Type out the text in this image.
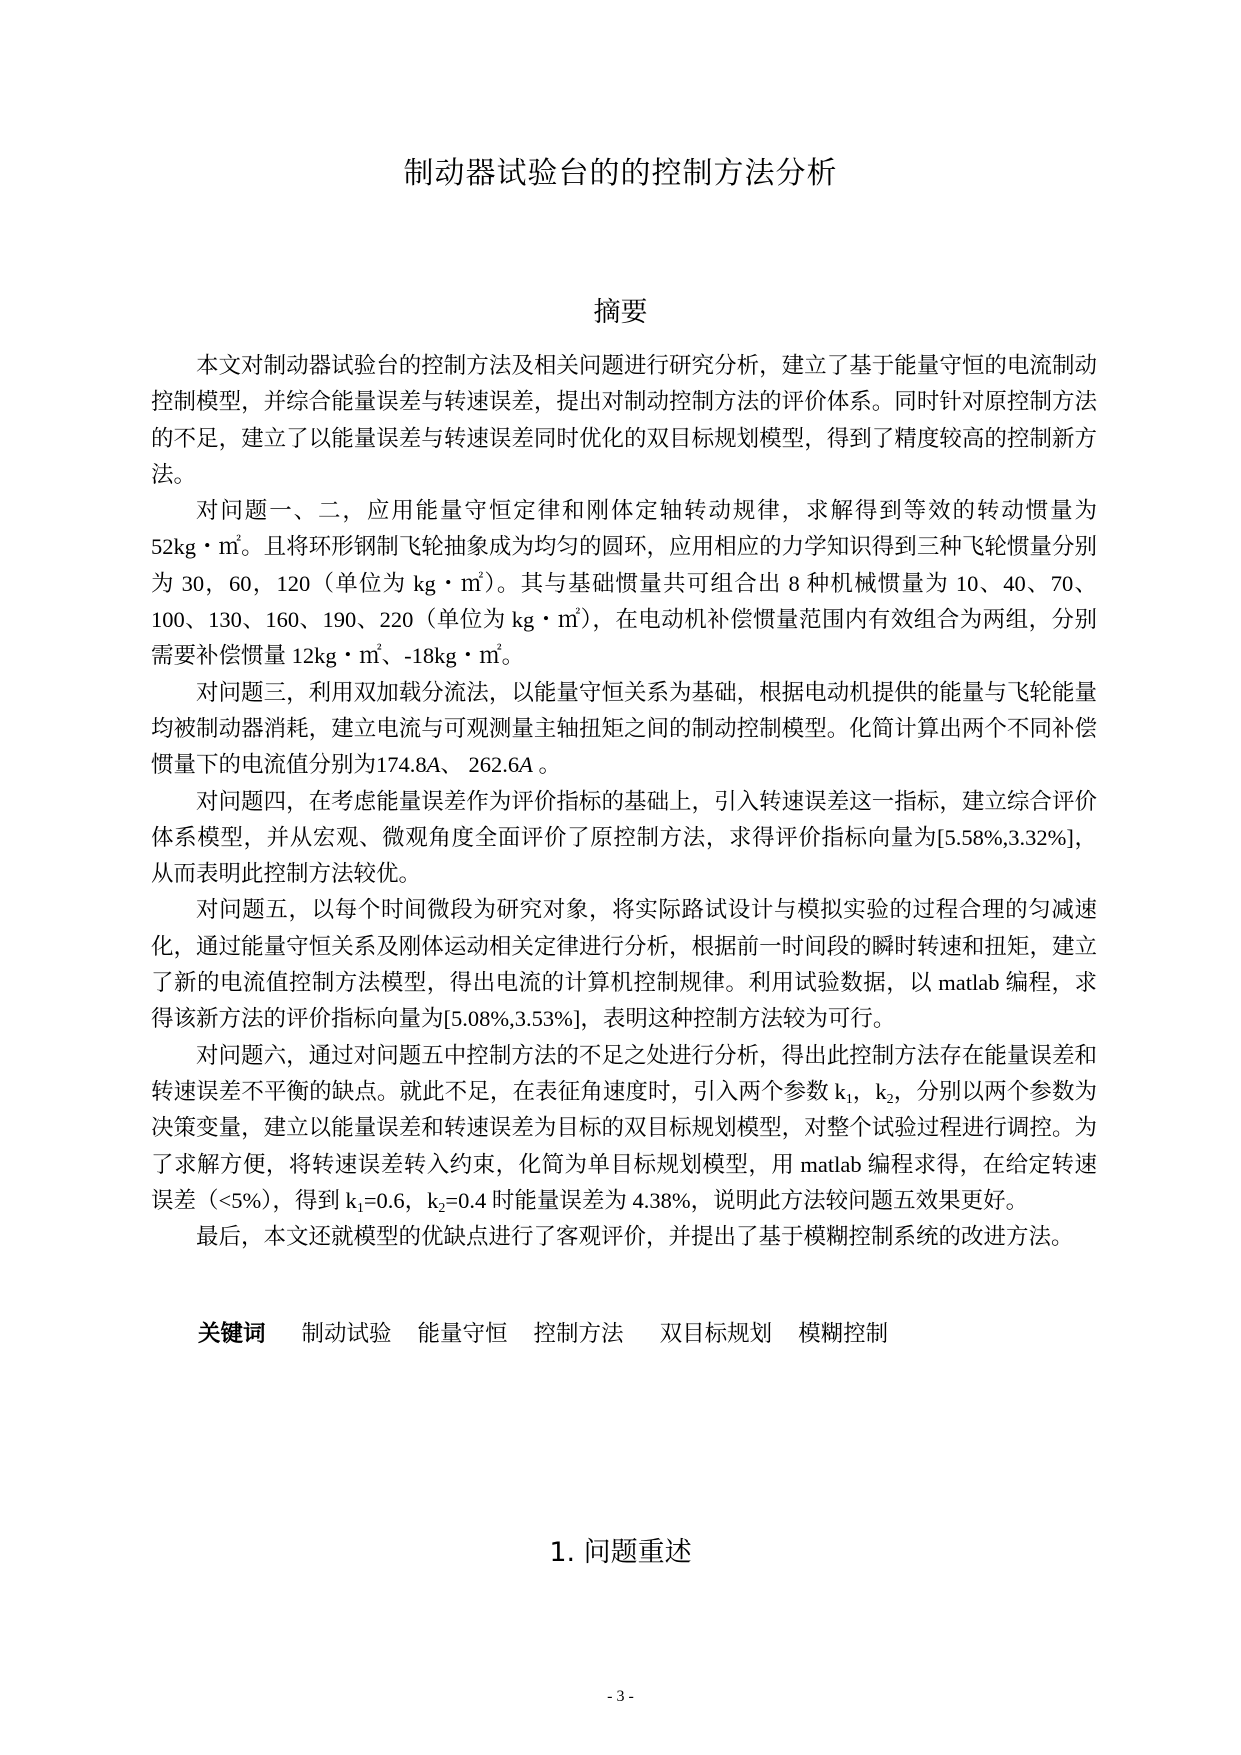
制动器试验台的的控制方法分析
摘要

本文对制动器试验台的控制方法及相关问题进行研究分析，建立了基于能量守恒的电流制动控制模型，并综合能量误差与转速误差，提出对制动控制方法的评价体系。同时针对原控制方法的不足，建立了以能量误差与转速误差同时优化的双目标规划模型，得到了精度较高的控制新方法。

对问题一、二，应用能量守恒定律和刚体定轴转动规律，求解得到等效的转动惯量为 52kg・㎡。且将环形钢制飞轮抽象成为均匀的圆环，应用相应的力学知识得到三种飞轮惯量分别为 30，60，120（单位为 kg・㎡）。其与基础惯量共可组合出 8 种机械惯量为 10、40、70、100、130、160、190、220（单位为 kg・㎡），在电动机补偿惯量范围内有效组合为两组，分别需要补偿惯量 12kg・㎡、-18kg・㎡。

对问题三，利用双加载分流法，以能量守恒关系为基础，根据电动机提供的能量与飞轮能量均被制动器消耗，建立电流与可观测量主轴扭矩之间的制动控制模型。化简计算出两个不同补偿惯量下的电流值分别为174.8A、 262.6A 。

对问题四，在考虑能量误差作为评价指标的基础上，引入转速误差这一指标，建立综合评价体系模型，并从宏观、微观角度全面评价了原控制方法，求得评价指标向量为[5.58%,3.32%]，从而表明此控制方法较优。

对问题五，以每个时间微段为研究对象，将实际路试设计与模拟实验的过程合理的匀减速化，通过能量守恒关系及刚体运动相关定律进行分析，根据前一时间段的瞬时转速和扭矩，建立了新的电流值控制方法模型，得出电流的计算机控制规律。利用试验数据，以 matlab 编程，求得该新方法的评价指标向量为[5.08%,3.53%]，表明这种控制方法较为可行。

对问题六，通过对问题五中控制方法的不足之处进行分析，得出此控制方法存在能量误差和转速误差不平衡的缺点。就此不足，在表征角速度时，引入两个参数 $k_1$，$k_2$，分别以两个参数为决策变量，建立以能量误差和转速误差为目标的双目标规划模型，对整个试验过程进行调控。为了求解方便，将转速误差转入约束，化简为单目标规划模型，用 matlab 编程求得，在给定转速误差（<5%），得到 $k_1=0.6$，$k_2=0.4$ 时能量误差为 4.38%，说明此方法较问题五效果更好。

最后，本文还就模型的优缺点进行了客观评价，并提出了基于模糊控制系统的改进方法。

关键词 制动试验 能量守恒 控制方法 双目标规划 模糊控制
1. 问题重述
- 3 -
